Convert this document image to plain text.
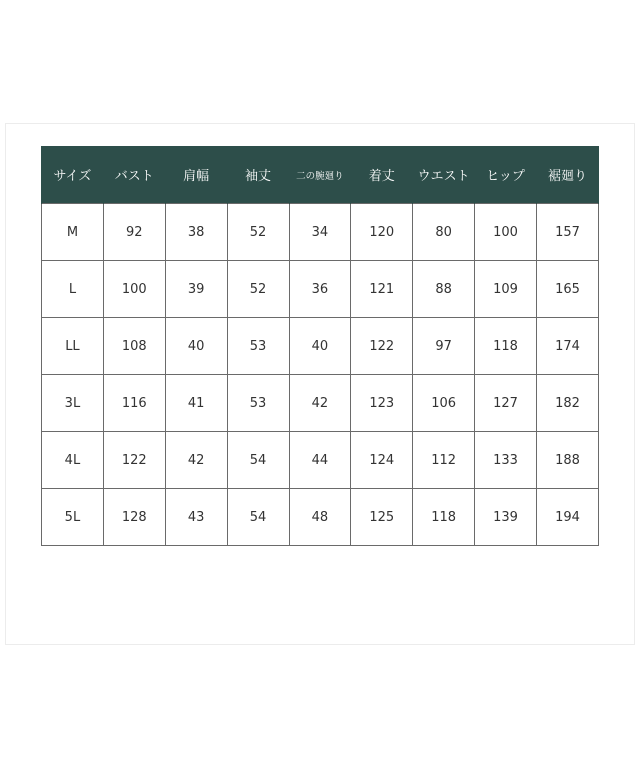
サイズ	バスト	肩幅	袖丈	二の腕廻り	着丈	ウエスト	ヒップ	裾廻り
M	92	38	52	34	120	80	100	157
L	100	39	52	36	121	88	109	165
LL	108	40	53	40	122	97	118	174
3L	116	41	53	42	123	106	127	182
4L	122	42	54	44	124	112	133	188
5L	128	43	54	48	125	118	139	194
